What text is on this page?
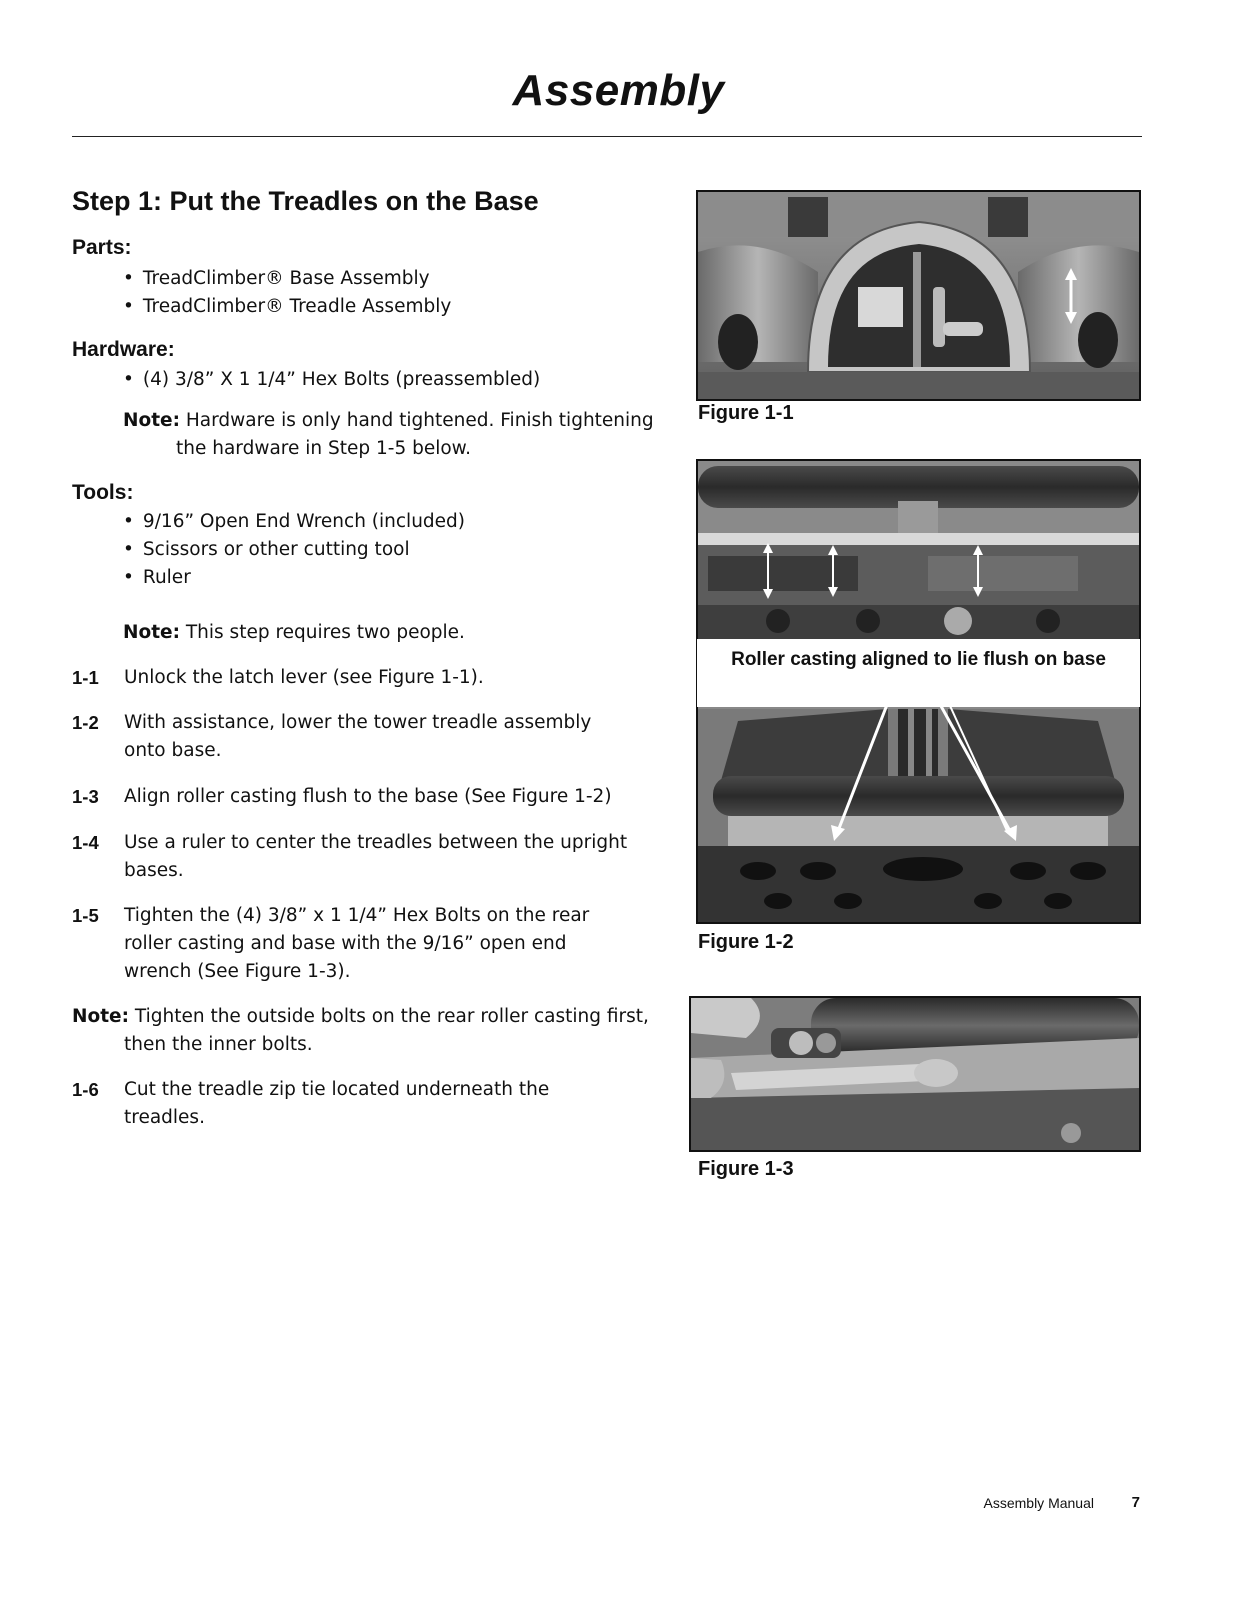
Assembly
Step 1: Put the Treadles on the Base
Parts:
• TreadClimber® Base Assembly
• TreadClimber® Treadle Assembly
Hardware:
• (4) 3/8” X 1 1/4” Hex Bolts (preassembled)
Note: Hardware is only hand tightened. Finish tightening the hardware in Step 1-5 below.
Tools:
• 9/16” Open End Wrench (included)
• Scissors or other cutting tool
• Ruler
Note: This step requires two people.
1-1	Unlock the latch lever (see Figure 1-1).
1-2	With assistance, lower the tower treadle assembly onto base.
1-3	Align roller casting flush to the base (See Figure 1-2)
1-4	Use a ruler to center the treadles between the upright bases.
1-5	Tighten the (4) 3/8” x 1 1/4” Hex Bolts on the rear roller casting and base with the 9/16” open end wrench (See Figure 1-3).
Note: Tighten the outside bolts on the rear roller casting first, then the inner bolts.
1-6	Cut the treadle zip tie located underneath the treadles.
Figure 1-1
Roller casting aligned to lie flush on base
Figure 1-2
Figure 1-3
Assembly Manual	7
